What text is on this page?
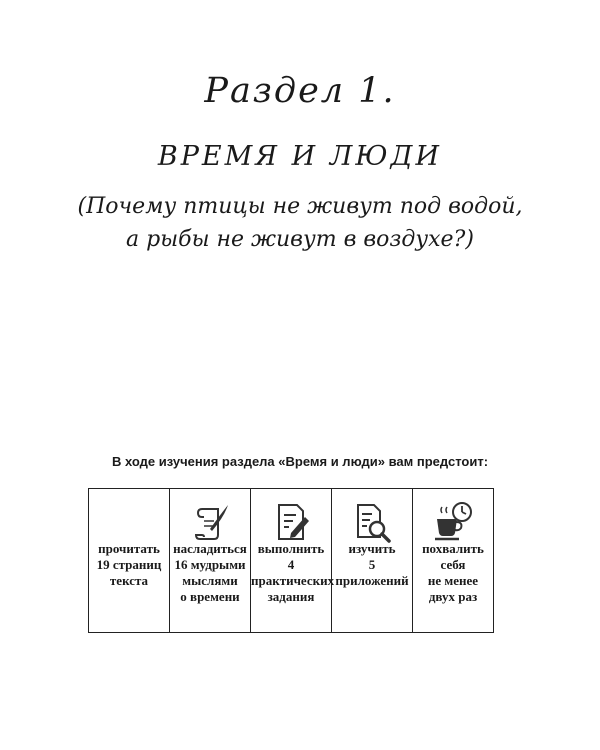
Раздел 1.
ВРЕМЯ И ЛЮДИ
(Почему птицы не живут под водой,
а рыбы не живут в воздухе?)
В ходе изучения раздела «Время и люди» вам предстоит:
прочитать
19 страниц
текста

насладиться
16 мудрыми
мыслями
о времени

выполнить
4 практических
задания

изучить
5 приложений

похвалить
себя
не менее
двух раз
